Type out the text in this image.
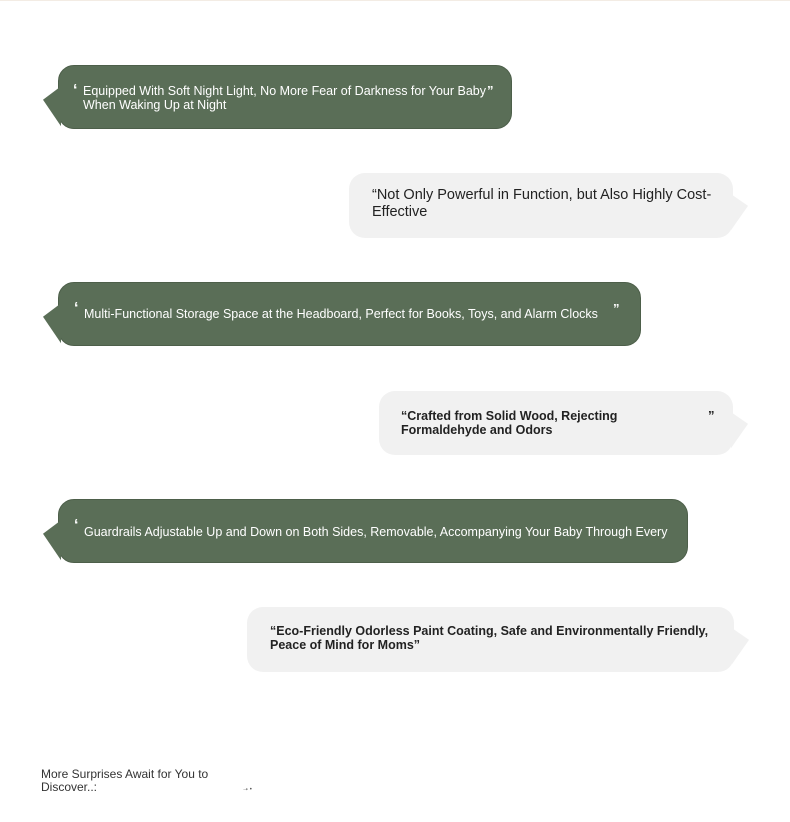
‘	”
Equipped With Soft Night Light, No More Fear of Darkness for Your Baby When Waking Up at Night
“Not Only Powerful in Function, but Also Highly Cost-Effective
‘	”
Multi-Functional Storage Space at the Headboard, Perfect for Books, Toys, and Alarm Clocks
”
“Crafted from Solid Wood, Rejecting Formaldehyde and Odors
‘ Guardrails Adjustable Up and Down on Both Sides, Removable, Accompanying Your Baby Through Every
“Eco-Friendly Odorless Paint Coating, Safe and Environmentally Friendly, Peace of Mind for Moms”
More Surprises Await for You to Discover..:	➝ •
